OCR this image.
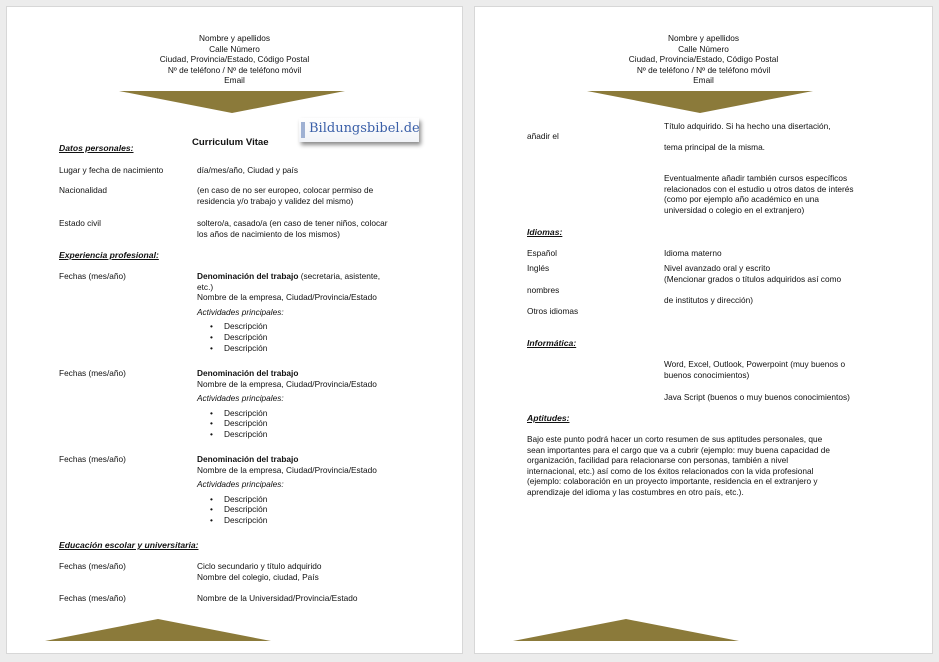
Nombre y apellidos
Calle Número
Ciudad, Provincia/Estado, Código Postal
Nº de teléfono / Nº de teléfono móvil
Email
Bildungsbibel.de
Curriculum Vitae
Datos personales:
Lugar y fecha de nacimiento	día/mes/año, Ciudad y país
Nacionalidad	(en caso de no ser europeo, colocar permiso de
residencia y/o trabajo y validez del mismo)
Estado civil	soltero/a, casado/a (en caso de tener niños, colocar
los años de nacimiento de los mismos)
Experiencia profesional:
Fechas (mes/año)	Denominación del trabajo (secretaria, asistente,
etc.)
Nombre de la empresa, Ciudad/Provincia/Estado
Actividades principales:
• Descripción
• Descripción
• Descripción
Fechas (mes/año)	Denominación del trabajo
Nombre de la empresa, Ciudad/Provincia/Estado
Actividades principales:
• Descripción
• Descripción
• Descripción
Fechas (mes/año)	Denominación del trabajo
Nombre de la empresa, Ciudad/Provincia/Estado
Actividades principales:
• Descripción
• Descripción
• Descripción
Educación escolar y universitaria:
Fechas (mes/año)	Ciclo secundario y título adquirido
Nombre del colegio, ciudad, País
Fechas (mes/año)	Nombre de la Universidad/Provincia/Estado
Nombre y apellidos
Calle Número
Ciudad, Provincia/Estado, Código Postal
Nº de teléfono / Nº de teléfono móvil
Email
Título adquirido. Si ha hecho una disertación,
añadir el
tema principal de la misma.
Eventualmente añadir también cursos específicos
relacionados con el estudio u otros datos de interés
(como por ejemplo año académico en una
universidad o colegio en el extranjero)
Idiomas:
Español	Idioma materno
Inglés	Nivel avanzado oral y escrito
(Mencionar grados o títulos adquiridos así como
nombres
de institutos y dirección)
Otros idiomas
Informática:
Word, Excel, Outlook, Powerpoint (muy buenos o
buenos conocimientos)
Java Script (buenos o muy buenos conocimientos)
Aptitudes:
Bajo este punto podrá hacer un corto resumen de sus aptitudes personales, que
sean importantes para el cargo que va a cubrir (ejemplo: muy buena capacidad de
organización, facilidad para relacionarse con personas, también a nivel
internacional, etc.) así como de los éxitos relacionados con la vida profesional
(ejemplo: colaboración en un proyecto importante, residencia en el extranjero y
aprendizaje del idioma y las costumbres en otro país, etc.).
